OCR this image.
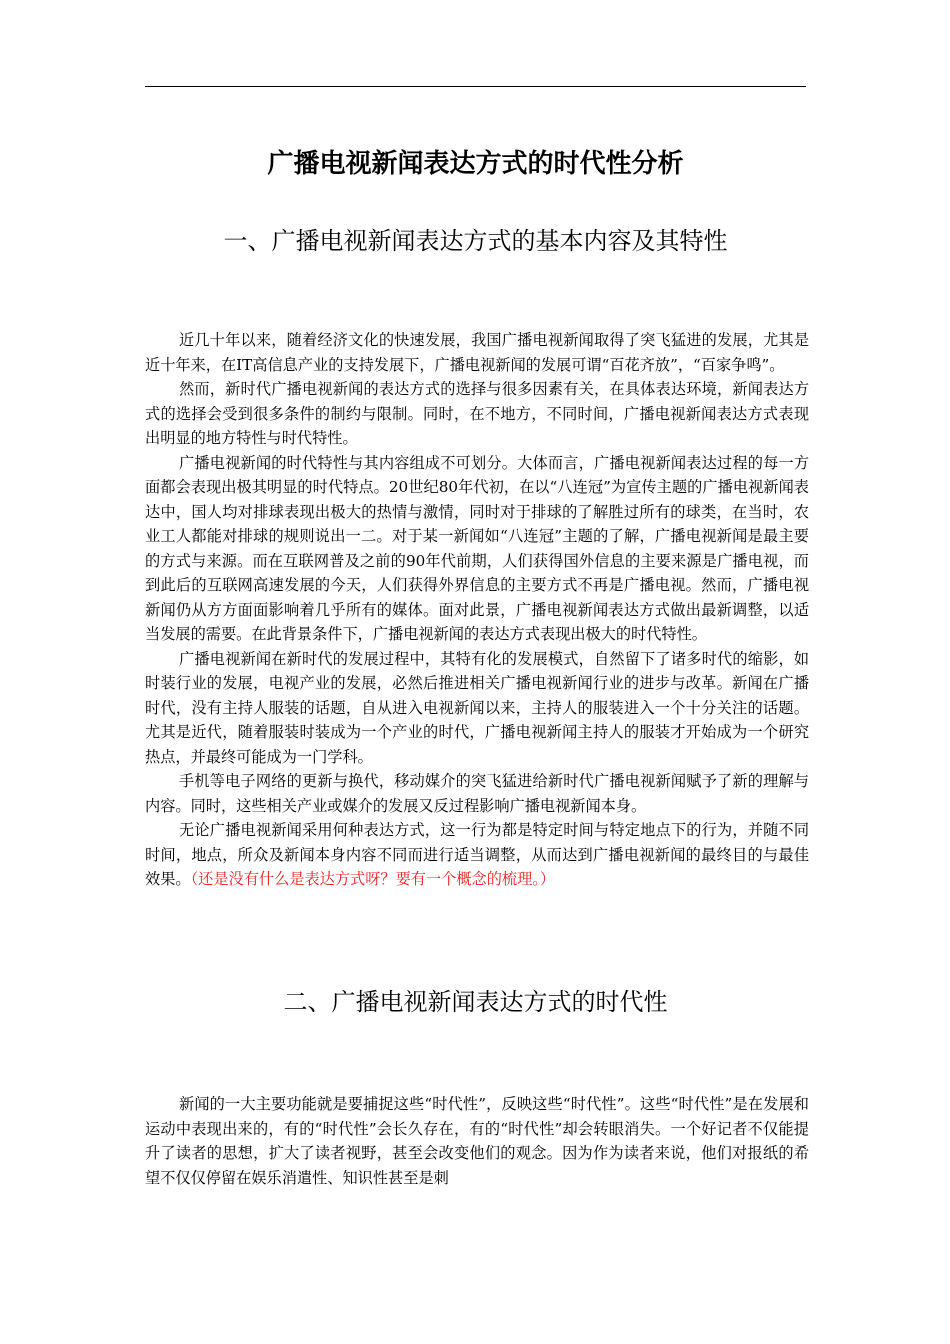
广播电视新闻表达方式的时代性分析
一、广播电视新闻表达方式的基本内容及其特性

近几十年以来，随着经济文化的快速发展，我国广播电视新闻取得了突飞猛进的发展，尤其是近十年来，在IT高信息产业的支持发展下，广播电视新闻的发展可谓“百花齐放”，“百家争鸣”。

然而，新时代广播电视新闻的表达方式的选择与很多因素有关，在具体表达环境，新闻表达方式的选择会受到很多条件的制约与限制。同时，在不地方，不同时间，广播电视新闻表达方式表现出明显的地方特性与时代特性。

广播电视新闻的时代特性与其内容组成不可划分。大体而言，广播电视新闻表达过程的每一方面都会表现出极其明显的时代特点。20世纪80年代初，在以“八连冠”为宣传主题的广播电视新闻表达中，国人均对排球表现出极大的热情与激情，同时对于排球的了解胜过所有的球类，在当时，农业工人都能对排球的规则说出一二。对于某一新闻如“八连冠”主题的了解，广播电视新闻是最主要的方式与来源。而在互联网普及之前的90年代前期，人们获得国外信息的主要来源是广播电视，而到此后的互联网高速发展的今天，人们获得外界信息的主要方式不再是广播电视。然而，广播电视新闻仍从方方面面影响着几乎所有的媒体。面对此景，广播电视新闻表达方式做出最新调整，以适当发展的需要。在此背景条件下，广播电视新闻的表达方式表现出极大的时代特性。

广播电视新闻在新时代的发展过程中，其特有化的发展模式，自然留下了诸多时代的缩影，如时装行业的发展，电视产业的发展，必然后推进相关广播电视新闻行业的进步与改革。新闻在广播时代，没有主持人服装的话题，自从进入电视新闻以来，主持人的服装进入一个十分关注的话题。尤其是近代，随着服装时装成为一个产业的时代，广播电视新闻主持人的服装才开始成为一个研究热点，并最终可能成为一门学科。

手机等电子网络的更新与换代，移动媒介的突飞猛进给新时代广播电视新闻赋予了新的理解与内容。同时，这些相关产业或媒介的发展又反过程影响广播电视新闻本身。

无论广播电视新闻采用何种表达方式，这一行为都是特定时间与特定地点下的行为，并随不同时间，地点，所众及新闻本身内容不同而进行适当调整，从而达到广播电视新闻的最终目的与最佳效果。（还是没有什么是表达方式呀？要有一个概念的梳理。）

二、广播电视新闻表达方式的时代性

新闻的一大主要功能就是要捕捉这些“时代性”，反映这些“时代性”。这些“时代性”是在发展和运动中表现出来的，有的“时代性”会长久存在，有的“时代性”却会转眼消失。一个好记者不仅能提升了读者的思想，扩大了读者视野，甚至会改变他们的观念。因为作为读者来说，他们对报纸的希望不仅仅停留在娱乐消遣性、知识性甚至是刺
